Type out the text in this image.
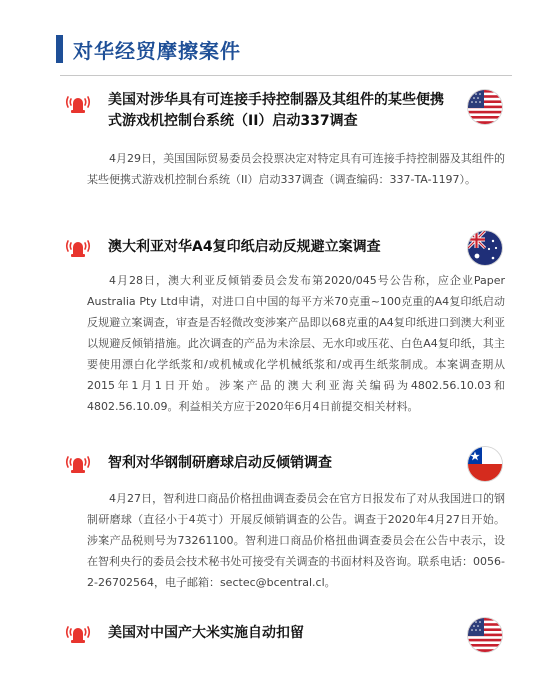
对华经贸摩擦案件
美国对涉华具有可连接手持控制器及其组件的某些便携式游戏机控制台系统（II）启动337调查

4月29日，美国国际贸易委员会投票决定对特定具有可连接手持控制器及其组件的某些便携式游戏机控制台系统（II）启动337调查（调查编码：337-TA-1197）。

澳大利亚对华A4复印纸启动反规避立案调查

4月28日，澳大利亚反倾销委员会发布第2020/045号公告称，应企业Paper Australia Pty Ltd申请，对进口自中国的每平方米70克重~100克重的A4复印纸启动反规避立案调查，审查是否轻微改变涉案产品即以68克重的A4复印纸进口到澳大利亚以规避反倾销措施。此次调查的产品为未涂层、无水印或压花、白色A4复印纸，其主要使用漂白化学纸浆和/或机械或化学机械纸浆和/或再生纸浆制成。本案调查期从2015年1月1日开始。涉案产品的澳大利亚海关编码为4802.56.10.03和4802.56.10.09。利益相关方应于2020年6月4日前提交相关材料。

智利对华钢制研磨球启动反倾销调查

4月27日，智利进口商品价格扭曲调查委员会在官方日报发布了对从我国进口的钢制研磨球（直径小于4英寸）开展反倾销调查的公告。调查于2020年4月27日开始。涉案产品税则号为73261100。智利进口商品价格扭曲调查委员会在公告中表示，设在智利央行的委员会技术秘书处可接受有关调查的书面材料及咨询。联系电话：0056-2-26702564，电子邮箱：sectec@bcentral.cl。

美国对中国产大米实施自动扣留
